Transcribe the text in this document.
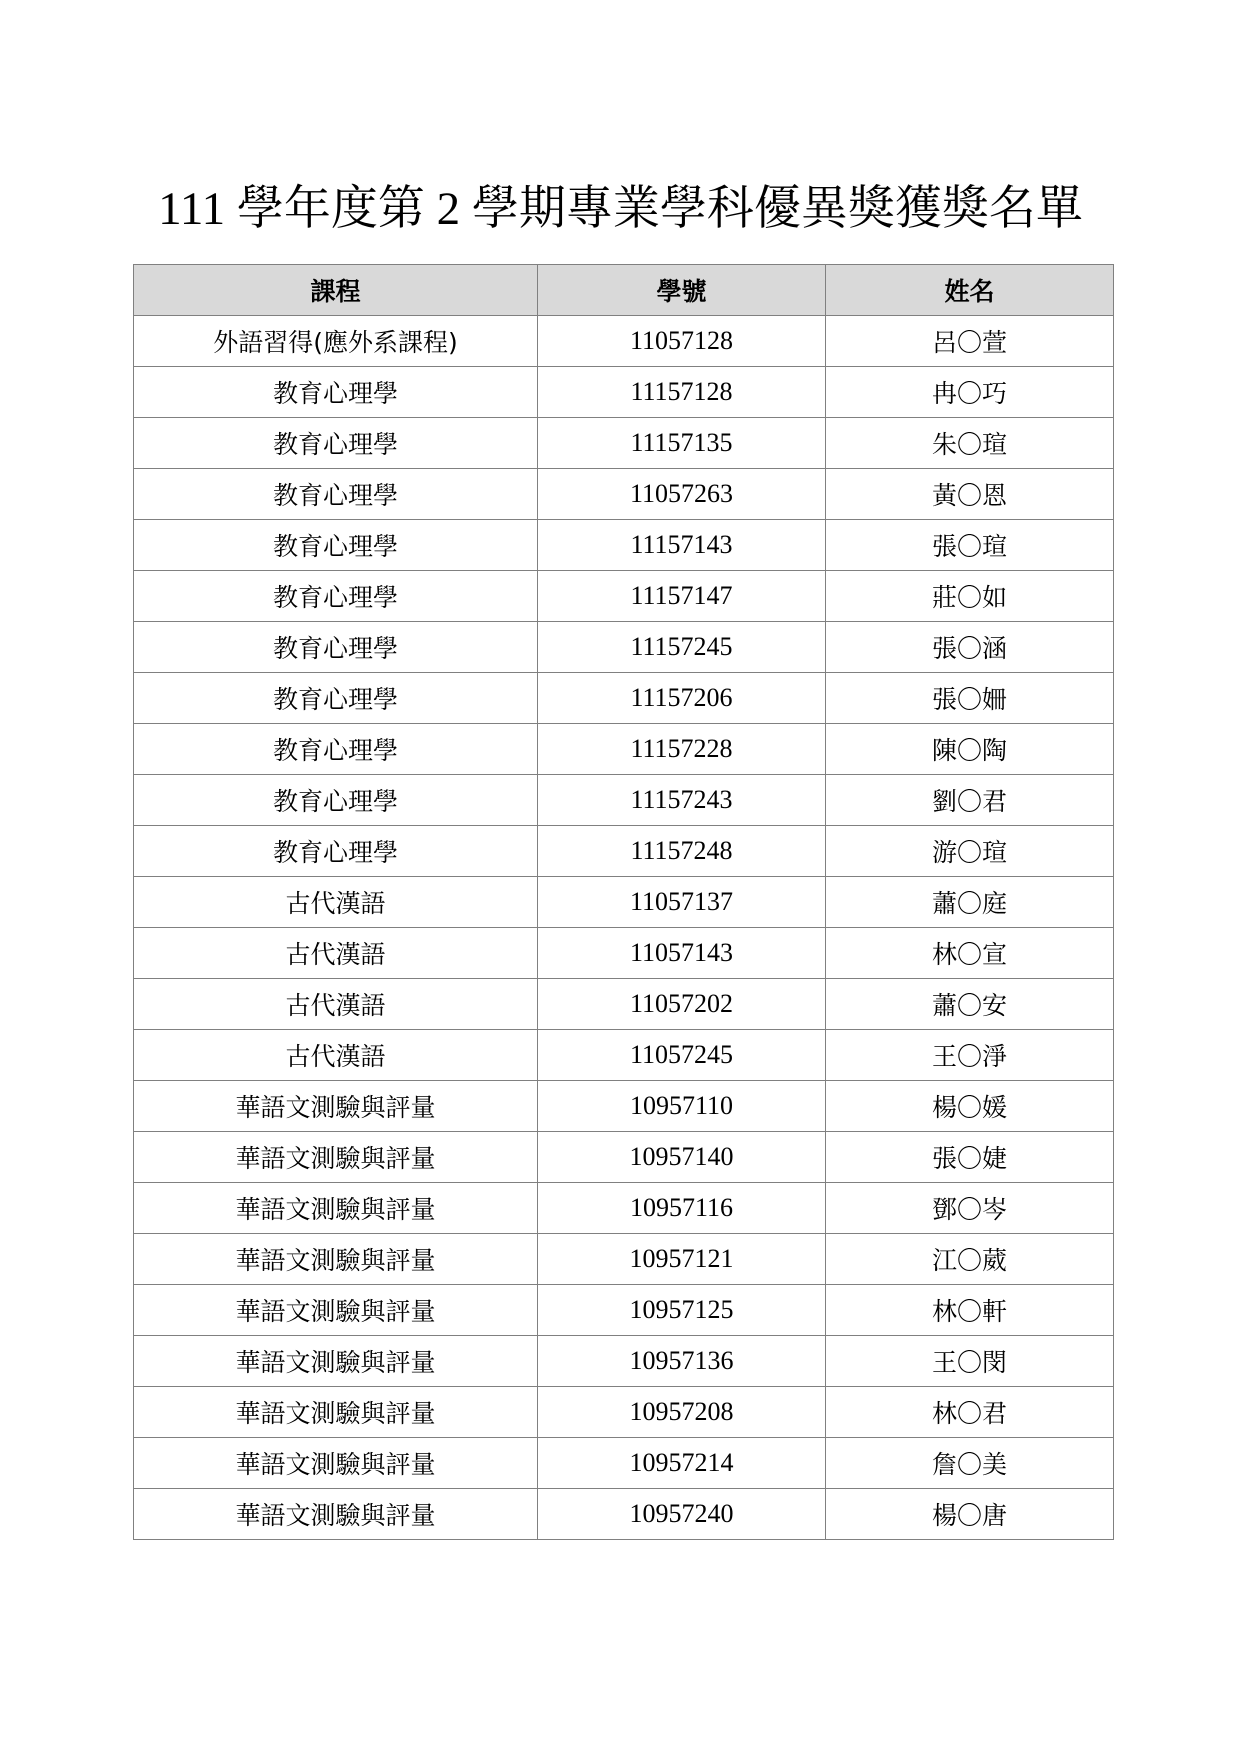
111 學年度第 2 學期專業學科優異獎獲獎名單
課程	學號	姓名
外語習得(應外系課程)	11057128	呂〇萱
教育心理學	11157128	冉〇巧
教育心理學	11157135	朱〇瑄
教育心理學	11057263	黃〇恩
教育心理學	11157143	張〇瑄
教育心理學	11157147	莊〇如
教育心理學	11157245	張〇涵
教育心理學	11157206	張〇姍
教育心理學	11157228	陳〇陶
教育心理學	11157243	劉〇君
教育心理學	11157248	游〇瑄
古代漢語	11057137	蕭〇庭
古代漢語	11057143	林〇宣
古代漢語	11057202	蕭〇安
古代漢語	11057245	王〇淨
華語文測驗與評量	10957110	楊〇媛
華語文測驗與評量	10957140	張〇婕
華語文測驗與評量	10957116	鄧〇岑
華語文測驗與評量	10957121	江〇葳
華語文測驗與評量	10957125	林〇軒
華語文測驗與評量	10957136	王〇閔
華語文測驗與評量	10957208	林〇君
華語文測驗與評量	10957214	詹〇美
華語文測驗與評量	10957240	楊〇唐
